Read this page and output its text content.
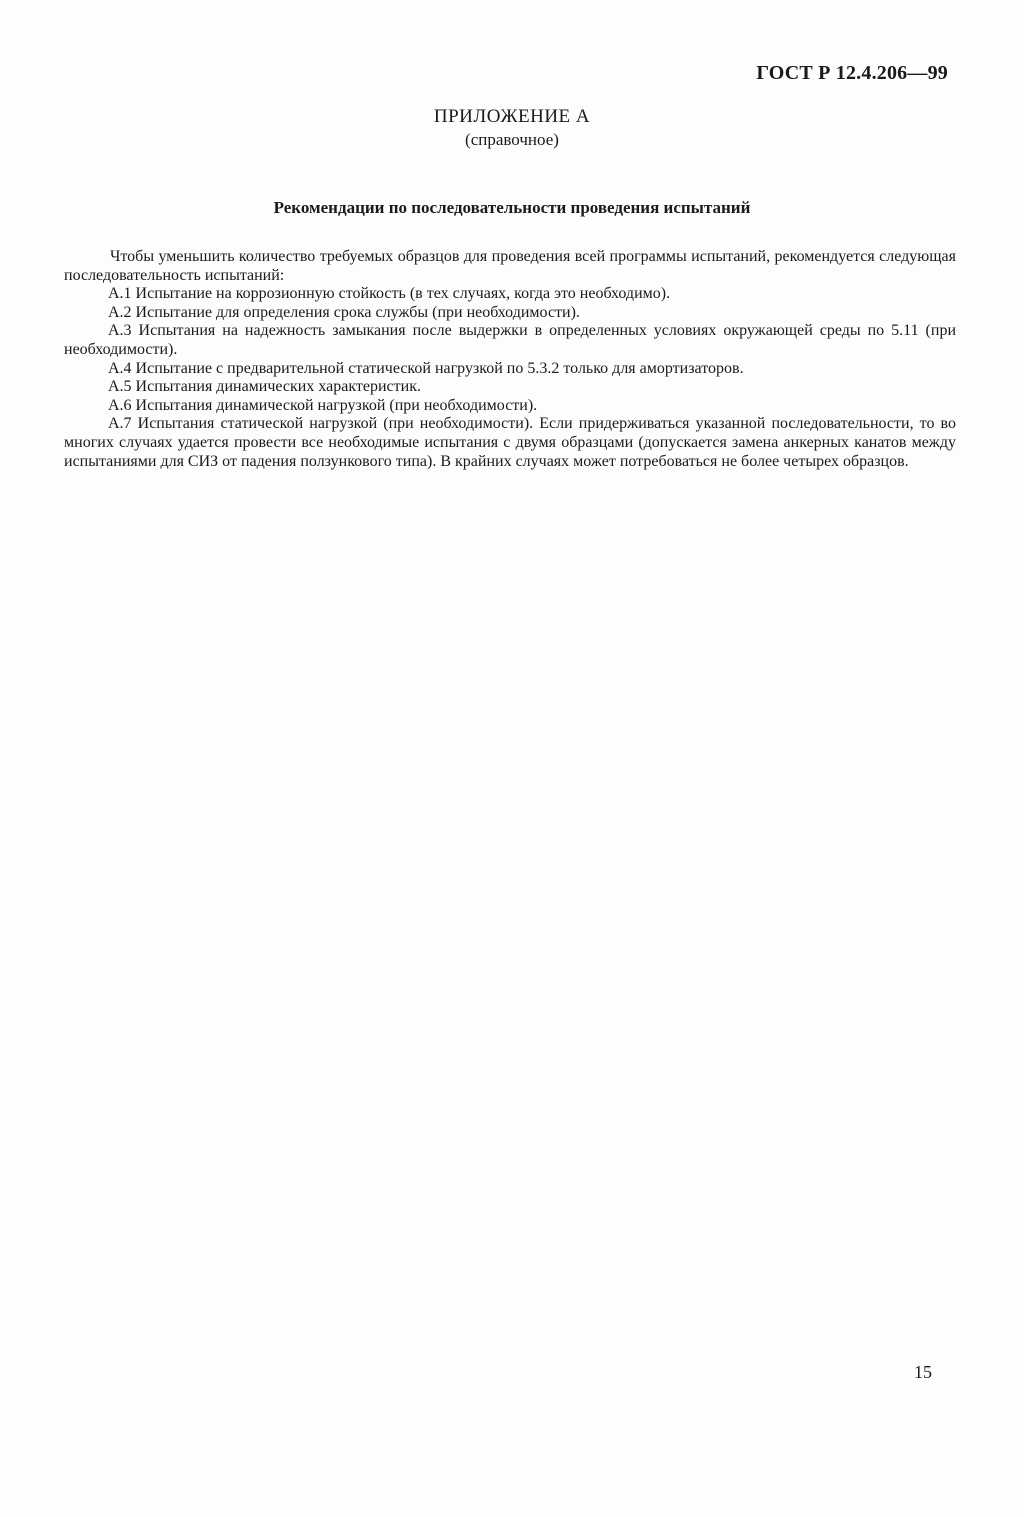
ГОСТ Р 12.4.206—99
ПРИЛОЖЕНИЕ А
(справочное)
Рекомендации по последовательности проведения испытаний

Чтобы уменьшить количество требуемых образцов для проведения всей программы испытаний, рекомендуется следующая последовательность испытаний:

А.1 Испытание на коррозионную стойкость (в тех случаях, когда это необходимо).

А.2 Испытание для определения срока службы (при необходимости).

А.3 Испытания на надежность замыкания после выдержки в определенных условиях окружающей среды по 5.11 (при необходимости).

А.4 Испытание с предварительной статической нагрузкой по 5.3.2 только для амортизаторов.

А.5 Испытания динамических характеристик.

А.6 Испытания динамической нагрузкой (при необходимости).

А.7 Испытания статической нагрузкой (при необходимости). Если придерживаться указанной последовательности, то во многих случаях удается провести все необходимые испытания с двумя образцами (допускается замена анкерных канатов между испытаниями для СИЗ от падения ползункового типа). В крайних случаях может потребоваться не более четырех образцов.

15
